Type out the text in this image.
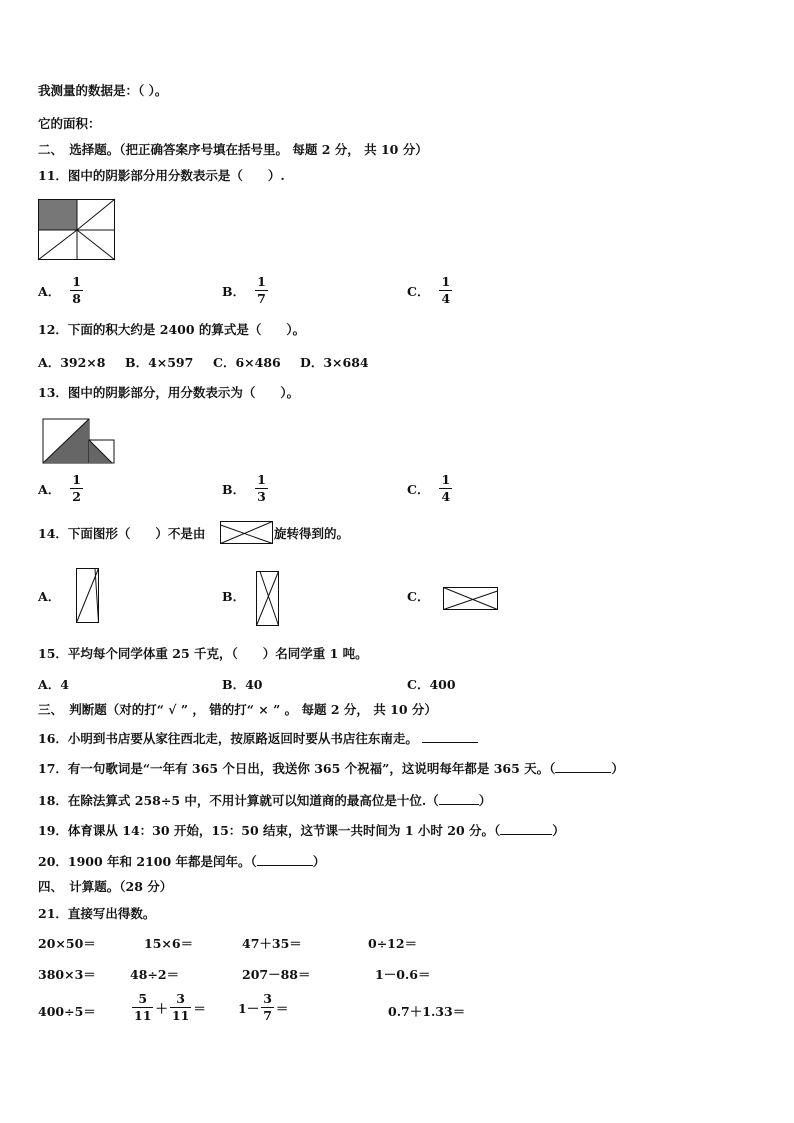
我测量的数据是：（ ）。
它的面积：
二、　选择题。（把正确答案序号填在括号里。 每题 2 分， 共 10 分）
11．图中的阴影部分用分数表示是（　　）.
A． $\frac{1}{8}$	B． $\frac{1}{7}$	C． $\frac{1}{4}$
12．下面的积大约是 2400 的算式是（　　）。
A．392×8 B．4×597 C．6×486 D．3×684
13．图中的阴影部分，用分数表示为（　　）。
A． $\frac{1}{2}$	B． $\frac{1}{3}$	C． $\frac{1}{4}$
14．下面图形（　　）不是由	旋转得到的。
A．	B．	C．
15．平均每个同学体重 25 千克，（　　）名同学重 1 吨。
A．4	B．40	C．400
三、　判断题（对的打“ √ ” ， 错的打“ × ” 。 每题 2 分， 共 10 分）
16．小明到书店要从家往西北走，按原路返回时要从书店往东南走。
17．有一句歌词是“一年有 365 个日出，我送你 365 个祝福”，这说明每年都是 365 天。（	）
18．在除法算式 258÷5 中，不用计算就可以知道商的最高位是十位.（	）
19．体育课从 14：30 开始，15：50 结束，这节课一共时间为 1 小时 20 分。（	）
20．1900 年和 2100 年都是闰年。（	）
四、　计算题。（28 分）
21．直接写出得数。
20×50＝	15×6＝	47＋35＝	0÷12＝
380×3＝	48÷2＝	207－88＝	1－0.6＝
400÷5＝	$\frac{5}{11} + \frac{3}{11}$ ＝	$1- \frac{3}{7}$ ＝	0.7＋1.33＝
